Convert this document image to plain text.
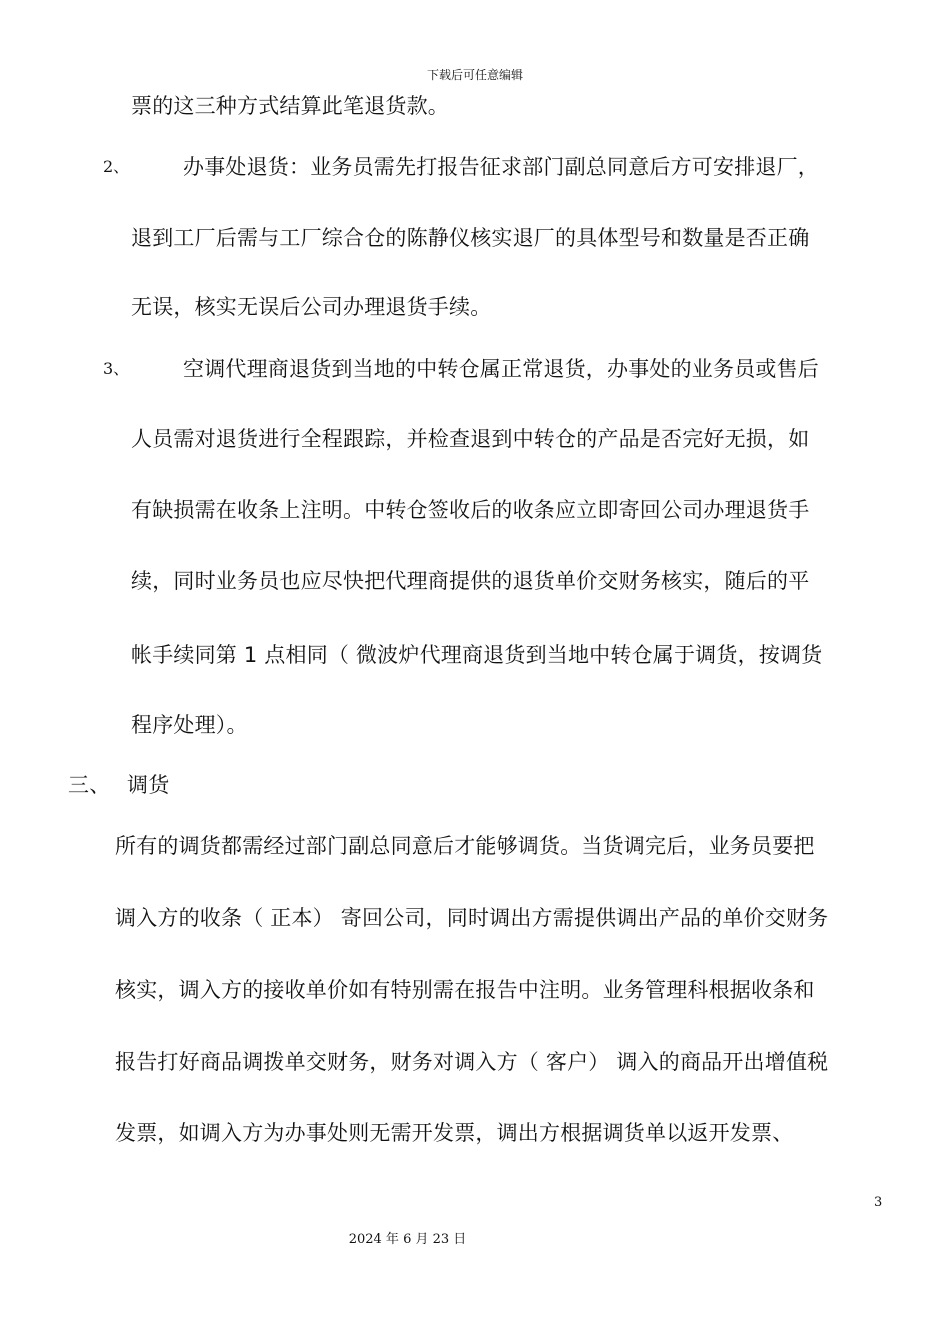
下载后可任意编辑
票的这三种方式结算此笔退货款。
2、	办事处退货：业务员需先打报告征求部门副总同意后方可安排退厂，
退到工厂后需与工厂综合仓的陈静仪核实退厂的具体型号和数量是否正确
无误，核实无误后公司办理退货手续。
3、	空调代理商退货到当地的中转仓属正常退货，办事处的业务员或售后
人员需对退货进行全程跟踪，并检查退到中转仓的产品是否完好无损，如
有缺损需在收条上注明。中转仓签收后的收条应立即寄回公司办理退货手
续，同时业务员也应尽快把代理商提供的退货单价交财务核实，随后的平
帐手续同第 1 点相同（ 微波炉代理商退货到当地中转仓属于调货，按调货
程序处理）。
三、 调货
所有的调货都需经过部门副总同意后才能够调货。当货调完后，业务员要把
调入方的收条（ 正本） 寄回公司，同时调出方需提供调出产品的单价交财务
核实，调入方的接收单价如有特别需在报告中注明。业务管理科根据收条和
报告打好商品调拨单交财务，财务对调入方（ 客户） 调入的商品开出增值税
发票，如调入方为办事处则无需开发票，调出方根据调货单以返开发票、
3
2024 年 6 月 23 日
